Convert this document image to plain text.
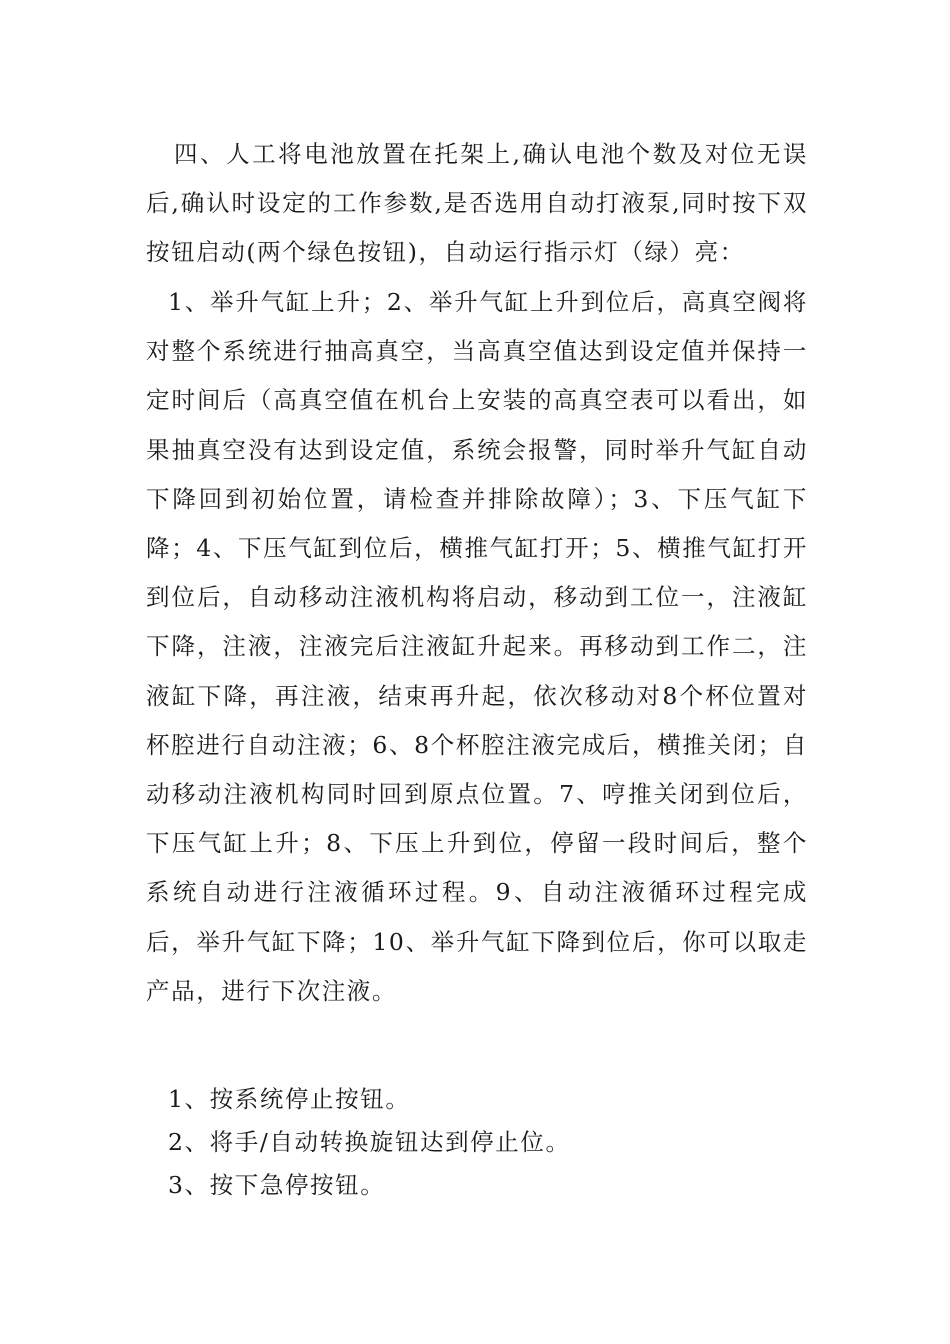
四、人工将电池放置在托架上,确认电池个数及对位无误后,确认时设定的工作参数,是否选用自动打液泵,同时按下双按钮启动(两个绿色按钮)，自动运行指示灯（绿）亮：

1、举升气缸上升；2、举升气缸上升到位后，高真空阀将对整个系统进行抽高真空，当高真空值达到设定值并保持一定时间后（高真空值在机台上安装的高真空表可以看出，如果抽真空没有达到设定值，系统会报警，同时举升气缸自动下降回到初始位置，请检查并排除故障）；3、下压气缸下降；4、下压气缸到位后，横推气缸打开；5、横推气缸打开到位后，自动移动注液机构将启动，移动到工位一，注液缸下降，注液，注液完后注液缸升起来。再移动到工作二，注液缸下降，再注液，结束再升起，依次移动对8个杯位置对杯腔进行自动注液；6、8个杯腔注液完成后，横推关闭；自动移动注液机构同时回到原点位置。7、哼推关闭到位后，下压气缸上升；8、下压上升到位，停留一段时间后，整个系统自动进行注液循环过程。9、自动注液循环过程完成后，举升气缸下降；10、举升气缸下降到位后，你可以取走产品，进行下次注液。

1、按系统停止按钮。
2、将手/自动转换旋钮达到停止位。
3、按下急停按钮。
